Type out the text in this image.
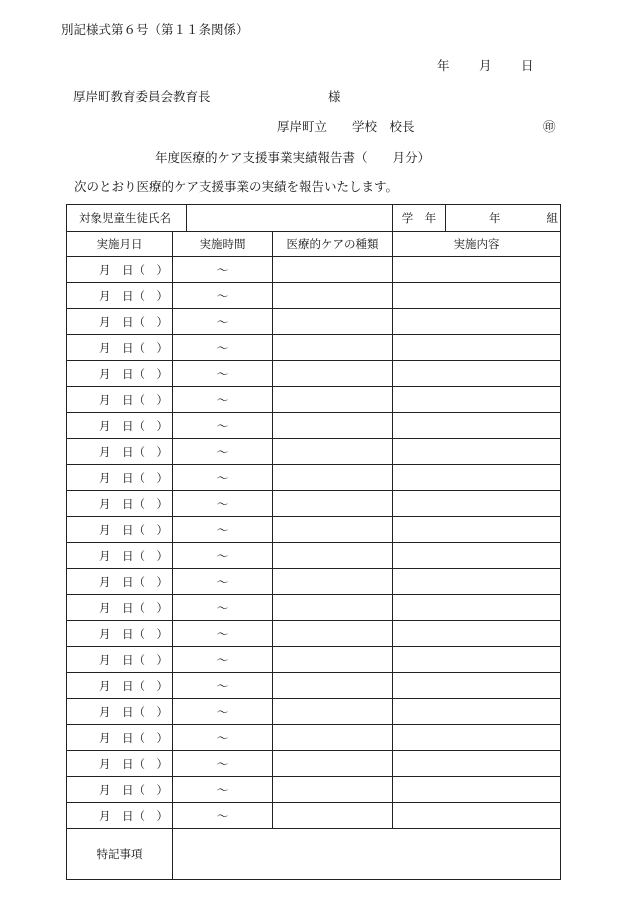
別記様式第６号（第１１条関係）
年 月 日
厚岸町教育委員会教育長	様
厚岸町立　　学校　校長	㊞
年度医療的ケア支援事業実績報告書（　　月分）
次のとおり医療的ケア支援事業の実績を報告いたします。
対象児童生徒氏名				学　年 年　　　　組

実施月日	実施時間		医療的ケアの種類	実施内容
月　日（　）	〜			
月　日（　）	〜			
月　日（　）	〜			
月　日（　）	〜			
月　日（　）	〜			
月　日（　）	〜			
月　日（　）	〜			
月　日（　）	〜			
月　日（　）	〜			
月　日（　）	〜			
月　日（　）	〜			
月　日（　）	〜			
月　日（　）	〜			
月　日（　）	〜			
月　日（　）	〜			
月　日（　）	〜			
月　日（　）	〜			
月　日（　）	〜			
月　日（　）	〜			
月　日（　）	〜			
月　日（　）	〜			
月　日（　）	〜			
特記事項				
